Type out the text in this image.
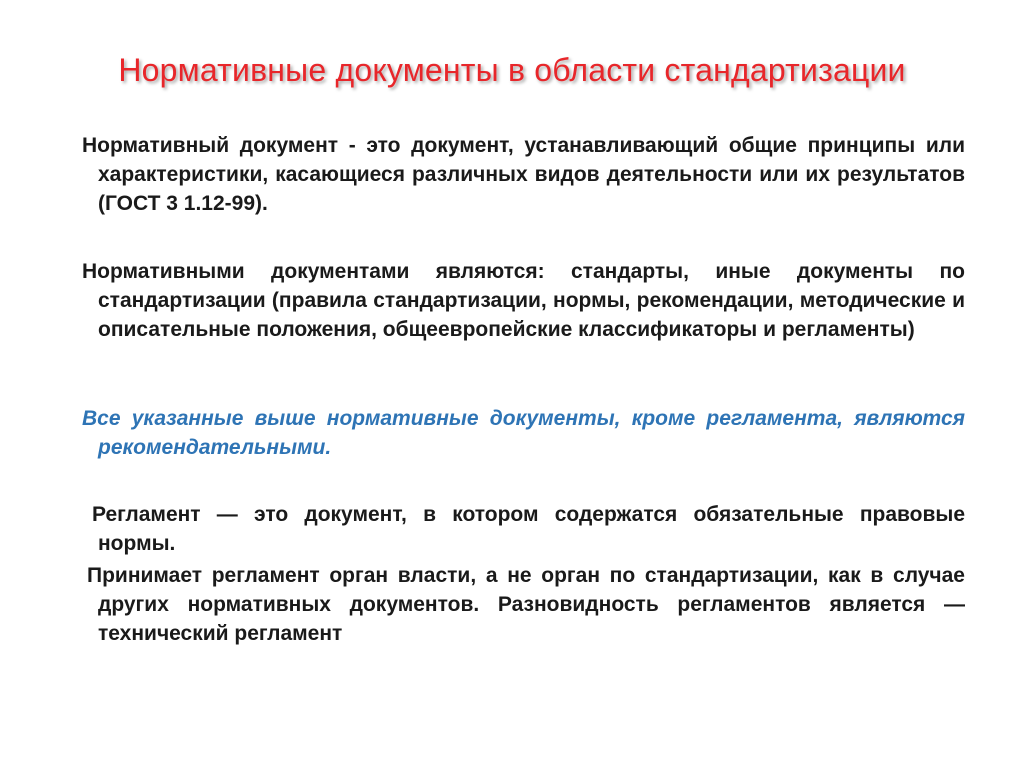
Нормативные документы в области стандартизации
Нормативный документ - это документ, устанавливающий общие принципы или характеристики, касающиеся различных видов деятельности или их результатов (ГОСТ 3 1.12-99).
Нормативными документами являются: стандарты, иные документы по стандартизации (правила стандартизации, нормы, рекомендации, методические и описательные положения, общеевропейские классификаторы и регламенты)
Все указанные выше нормативные документы, кроме регламента, являются рекомендательными.
Регламент — это документ, в котором содержатся обязательные правовые нормы.
Принимает регламент орган власти, а не орган по стандартизации, как в случае других нормативных документов. Разновидность регламентов является — технический регламент
